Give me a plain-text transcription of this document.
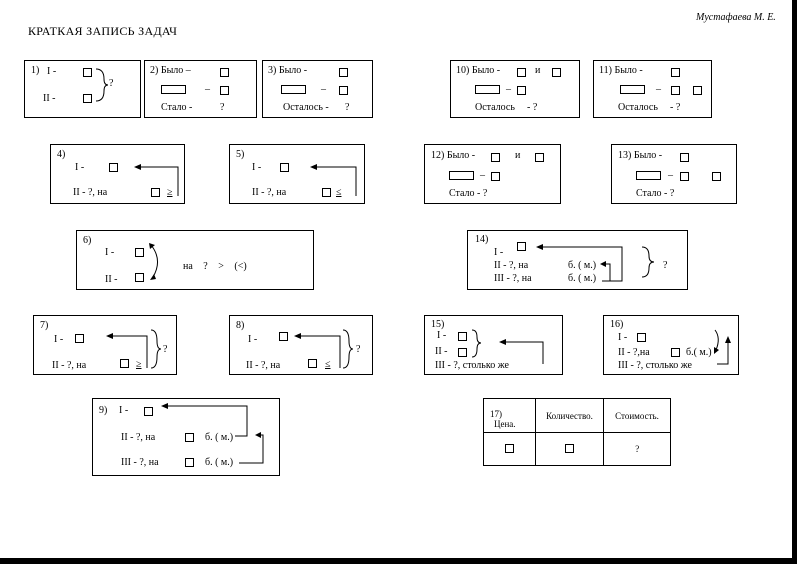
КРАТКАЯ ЗАПИСЬ ЗАДАЧ
Мустафаева М. Е.
1) I -
II -
?
2) Было –
–
Стало -	?
3) Было -
–
Осталось - ?
10) Было -	и
–
Осталось - ?
11) Было -
–
Осталось - ?
4)
I -
II - ?, на	≥
5)
I -
II - ?, на	≤
12) Было -	и
–
Стало - ?
13) Было -
–
Стало - ?
6)
I -
II -
на ? > (<)
14)
I -
II - ?, на	б. ( м.)
III - ?, на	б. ( м.)
?
7)
I -
II - ?, на	≥
?
8)
I -
II - ?, на	≤
?
15)
I -
II -
III - ?, столько же
16)
I -
II - ?,на	б.( м.)
III - ?, столько же
9) I -
II - ?, на	б. ( м.)
III - ?, на	б. ( м.)
17)
Цена.	Количество.	Стоимость.
		?
